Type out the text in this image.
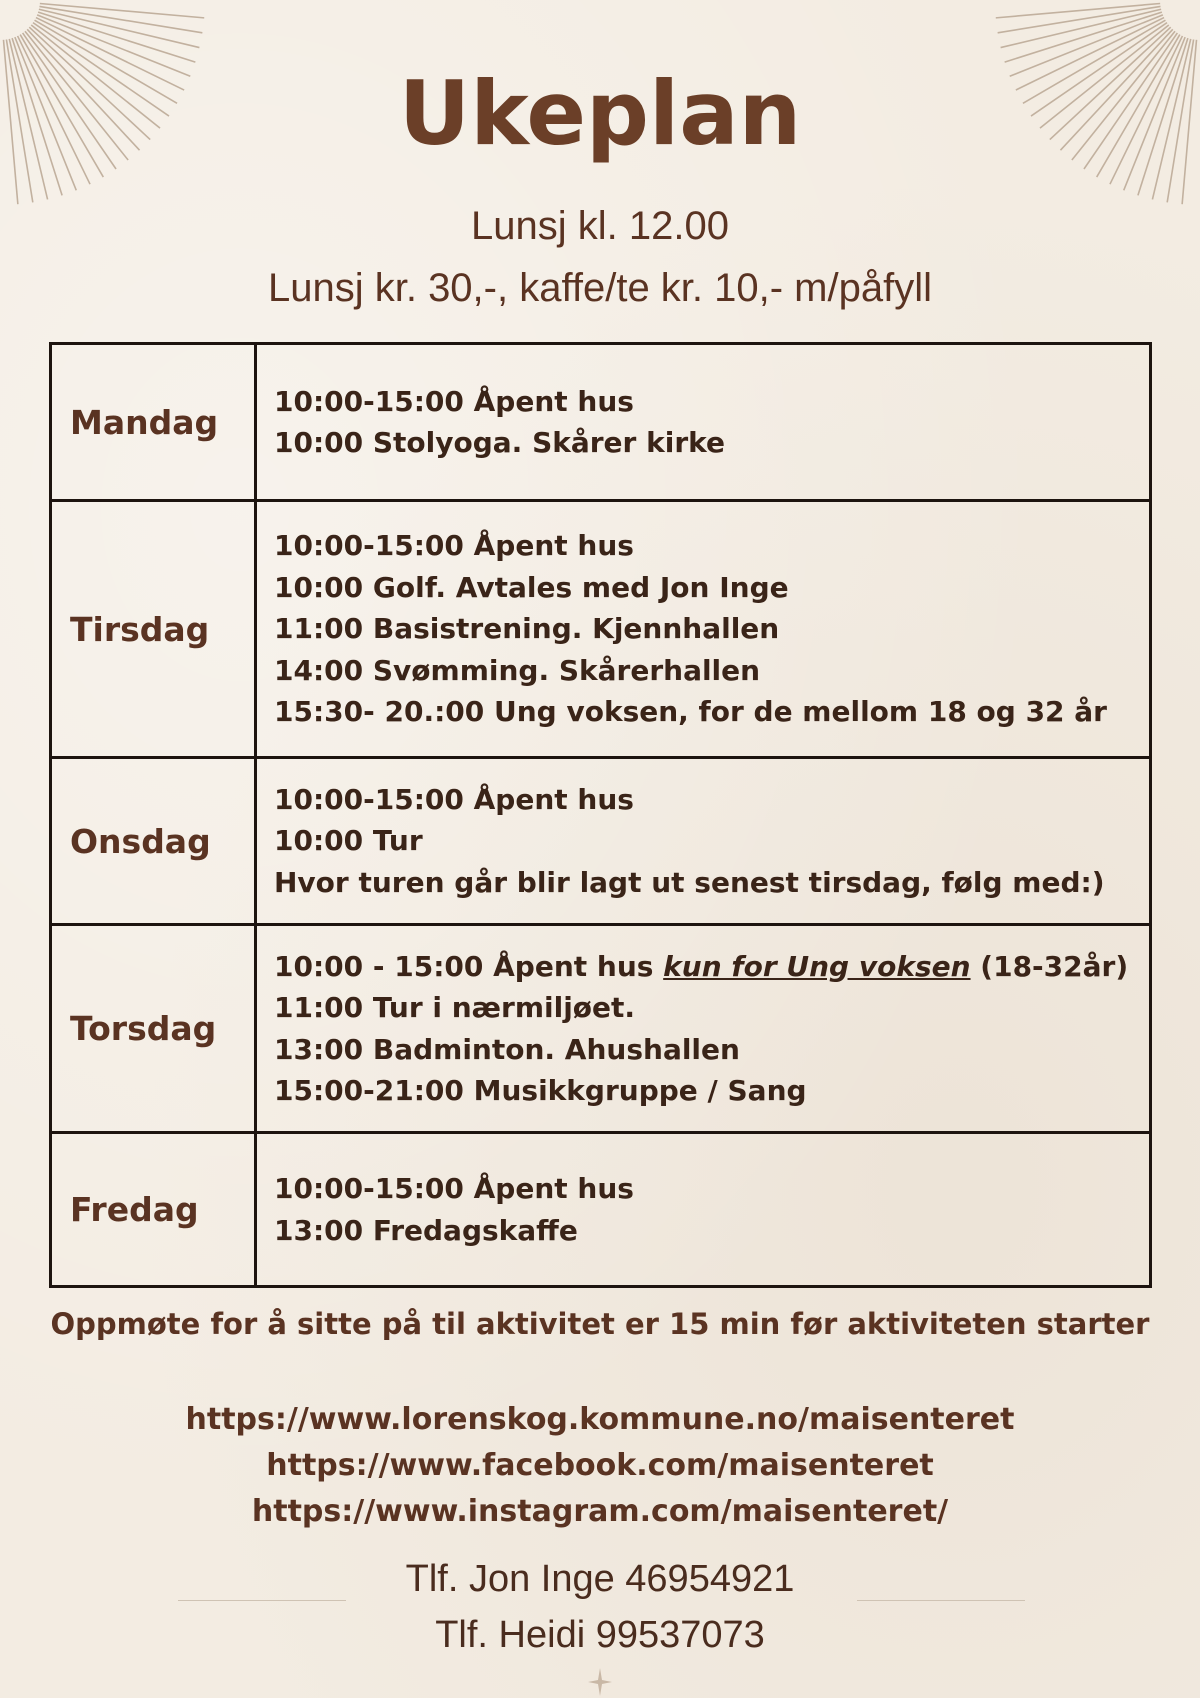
Ukeplan
Lunsj kl. 12.00
Lunsj kr. 30,-, kaffe/te kr. 10,- m/påfyll
Mandag	10:00-15:00 Åpent hus
10:00 Stolyoga. Skårer kirke

Tirsdag	10:00-15:00 Åpent hus
10:00 Golf. Avtales med Jon Inge
11:00 Basistrening. Kjennhallen
14:00 Svømming. Skårerhallen
15:30- 20.:00 Ung voksen, for de mellom 18 og 32 år

Onsdag	10:00-15:00 Åpent hus
10:00 Tur
Hvor turen går blir lagt ut senest tirsdag, følg med:)

Torsdag	10:00 - 15:00 Åpent hus kun for Ung voksen (18-32år)
11:00 Tur i nærmiljøet.
13:00 Badminton. Ahushallen
15:00-21:00 Musikkgruppe / Sang

Fredag	10:00-15:00 Åpent hus
13:00 Fredagskaffe
Oppmøte for å sitte på til aktivitet er 15 min før aktiviteten starter
https://www.lorenskog.kommune.no/maisenteret
https://www.facebook.com/maisenteret
https://www.instagram.com/maisenteret/
Tlf. Jon Inge 46954921
Tlf. Heidi 99537073
